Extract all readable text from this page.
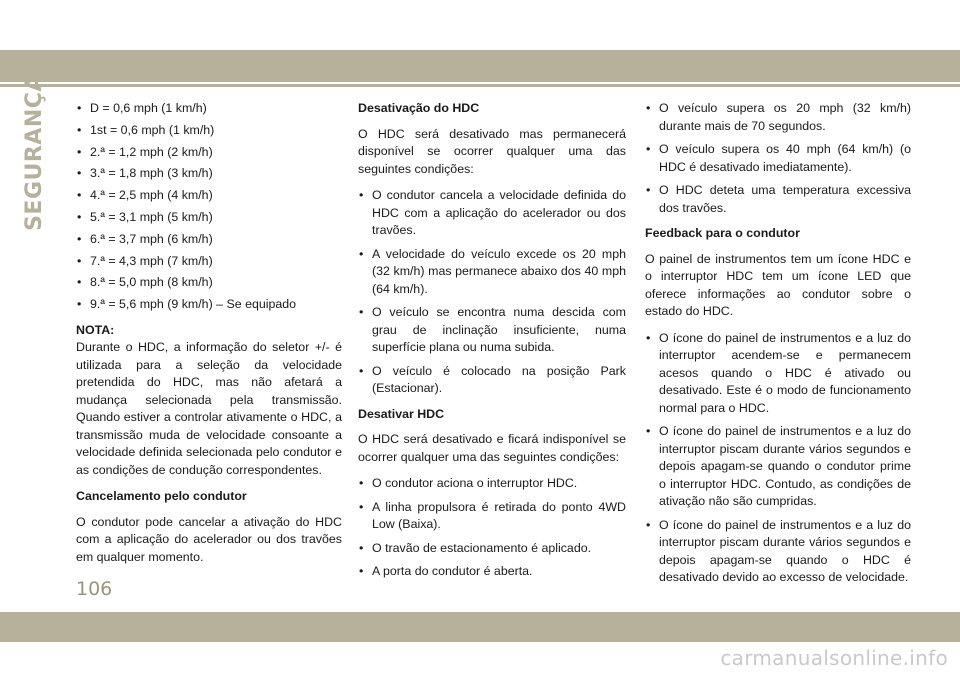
SEGURANÇA
•	D = 0,6 mph (1 km/h)
• 1st = 0,6 mph (1 km/h)
• 2.ª = 1,2 mph (2 km/h)
• 3.ª = 1,8 mph (3 km/h)
• 4.ª = 2,5 mph (4 km/h)
• 5.ª = 3,1 mph (5 km/h)
• 6.ª = 3,7 mph (6 km/h)
• 7.ª = 4,3 mph (7 km/h)
• 8.ª = 5,0 mph (8 km/h)
• 9.ª = 5,6 mph (9 km/h) – Se equipado
NOTA:

Durante o HDC, a informação do seletor +/- é utilizada para a seleção da velocidade pretendida do HDC, mas não afetará a mudança selecionada pela transmissão. Quando estiver a controlar ativamente o HDC, a transmissão muda de velocidade consoante a velocidade definida selecionada pelo condutor e as condições de condução correspondentes.

Cancelamento pelo condutor

O condutor pode cancelar a ativação do HDC com a aplicação do acelerador ou dos travões em qualquer momento.

Desativação do HDC

O HDC será desativado mas permanecerá disponível se ocorrer qualquer uma das seguintes condições:

• O condutor cancela a velocidade definida do HDC com a aplicação do acelerador ou dos travões.
• A velocidade do veículo excede os 20 mph (32 km/h) mas permanece abaixo dos 40 mph (64 km/h).
• O veículo se encontra numa descida com grau de inclinação insuficiente, numa superfície plana ou numa subida.
• O veículo é colocado na posição Park (Estacionar).
Desativar HDC

O HDC será desativado e ficará indisponível se ocorrer qualquer uma das seguintes condições:

• O condutor aciona o interruptor HDC.
• A linha propulsora é retirada do ponto 4WD Low (Baixa).
• O travão de estacionamento é aplicado.
• A porta do condutor é aberta.
• O veículo supera os 20 mph (32 km/h) durante mais de 70 segundos.
• O veículo supera os 40 mph (64 km/h) (o HDC é desativado imediatamente).
• O HDC deteta uma temperatura excessiva dos travões.
Feedback para o condutor

O painel de instrumentos tem um ícone HDC e o interruptor HDC tem um ícone LED que oferece informações ao condutor sobre o estado do HDC.

• O ícone do painel de instrumentos e a luz do interruptor acendem-se e permanecem acesos quando o HDC é ativado ou desativado. Este é o modo de funcionamento normal para o HDC.
• O ícone do painel de instrumentos e a luz do interruptor piscam durante vários segundos e depois apagam-se quando o condutor prime o interruptor HDC. Contudo, as condições de ativação não são cumpridas.
• O ícone do painel de instrumentos e a luz do interruptor piscam durante vários segundos e depois apagam-se quando o HDC é desativado devido ao excesso de velocidade.
106
carmanualsonline.info
